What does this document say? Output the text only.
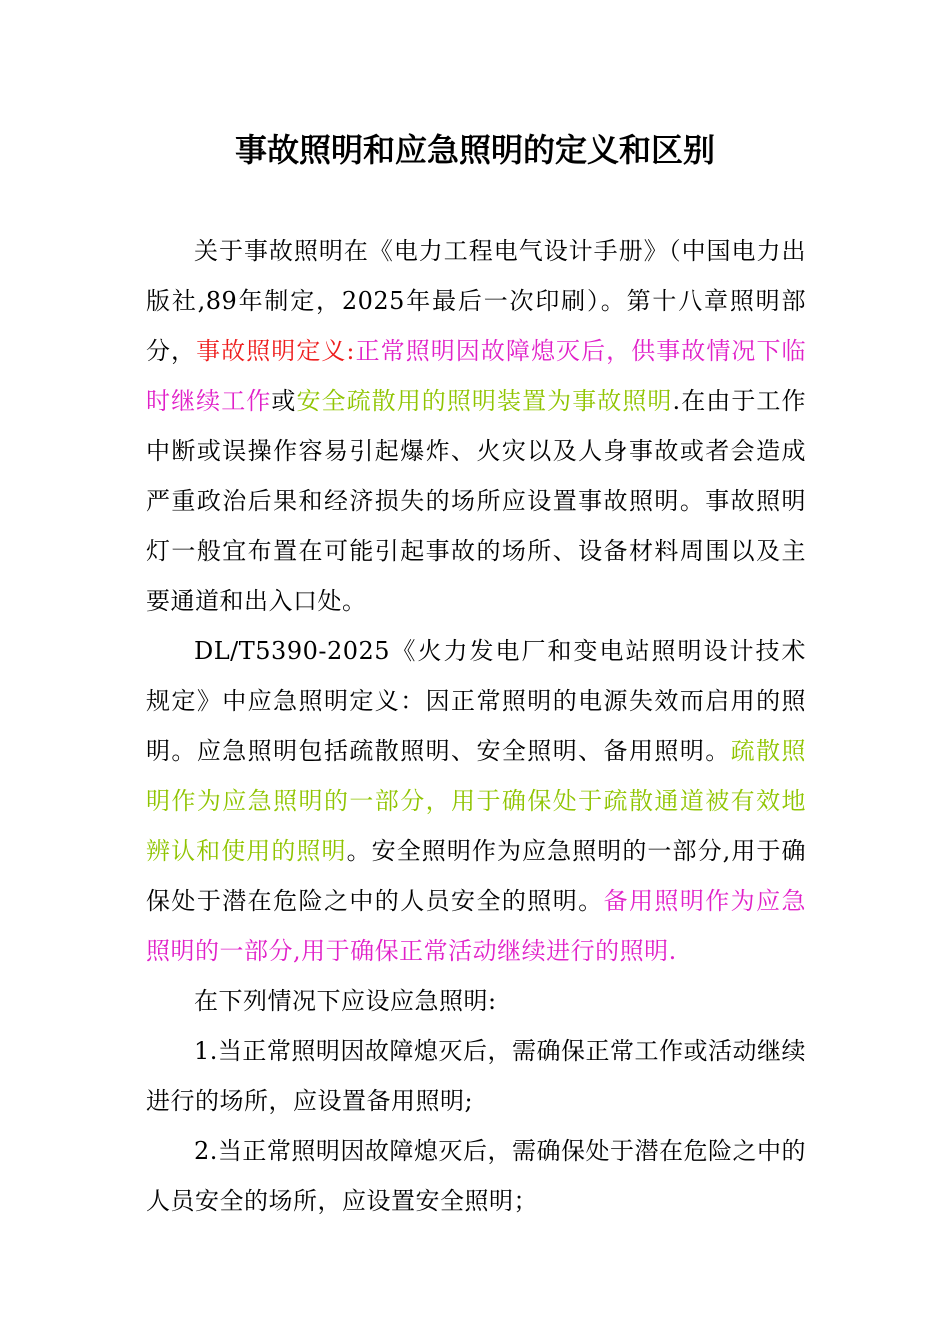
事故照明和应急照明的定义和区别

关于事故照明在《电力工程电气设计手册》（中国电力出版社,89年制定，2025年最后一次印刷）。第十八章照明部分，事故照明定义:正常照明因故障熄灭后，供事故情况下临时继续工作或安全疏散用的照明装置为事故照明.在由于工作中断或误操作容易引起爆炸、火灾以及人身事故或者会造成严重政治后果和经济损失的场所应设置事故照明。事故照明灯一般宜布置在可能引起事故的场所、设备材料周围以及主要通道和出入口处。

DL/T5390-2025《火力发电厂和变电站照明设计技术规定》中应急照明定义：因正常照明的电源失效而启用的照明。应急照明包括疏散照明、安全照明、备用照明。疏散照明作为应急照明的一部分，用于确保处于疏散通道被有效地辨认和使用的照明。安全照明作为应急照明的一部分,用于确保处于潜在危险之中的人员安全的照明。备用照明作为应急照明的一部分,用于确保正常活动继续进行的照明.

在下列情况下应设应急照明:

1.当正常照明因故障熄灭后，需确保正常工作或活动继续进行的场所，应设置备用照明;

2.当正常照明因故障熄灭后，需确保处于潜在危险之中的人员安全的场所，应设置安全照明；
